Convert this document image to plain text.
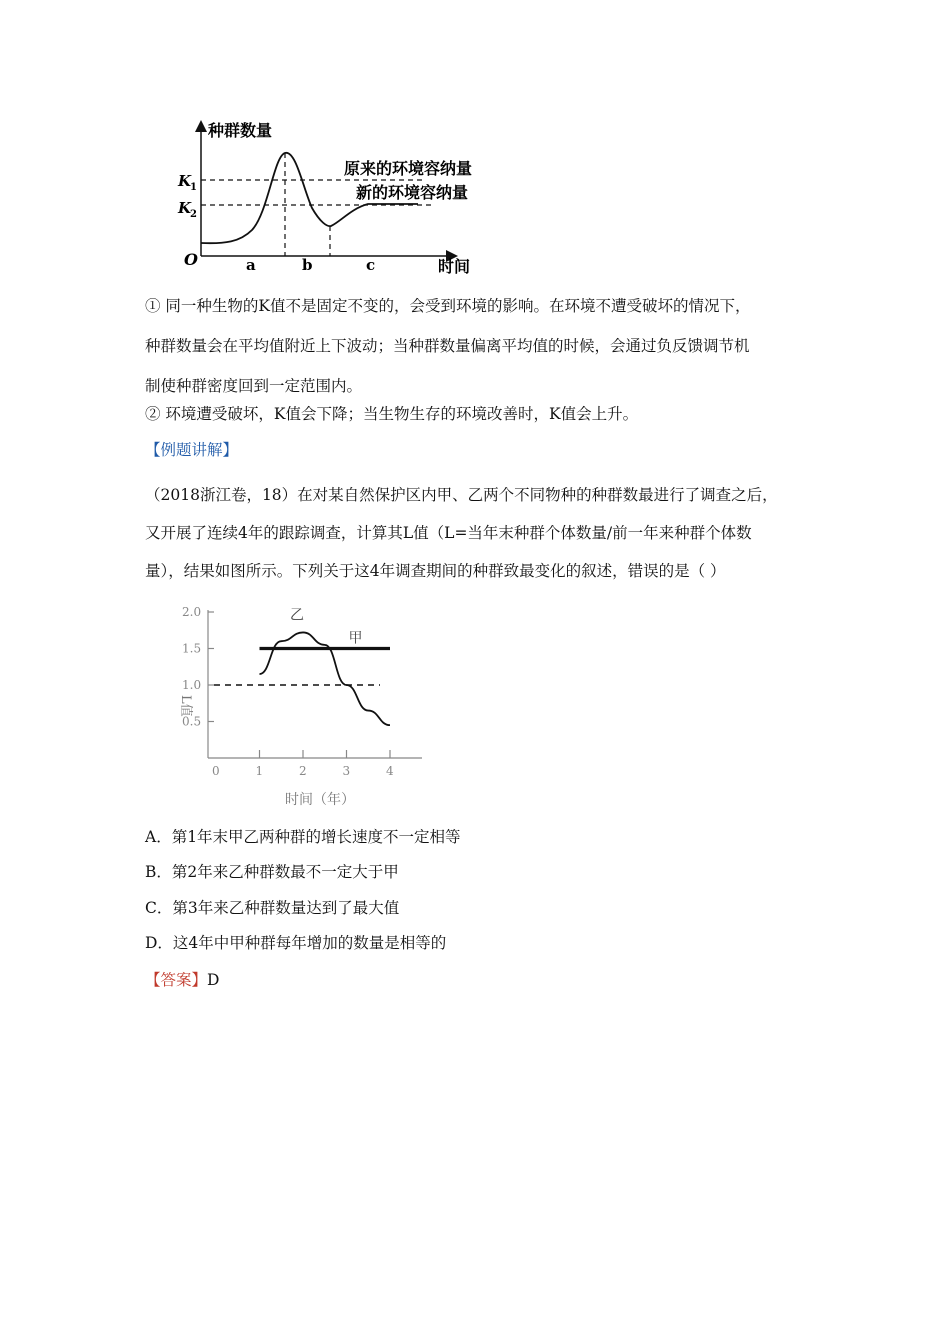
种群数量
时间
O
K
1
K
2
原来的环境容纳量
新的环境容纳量
a	b	c
① 同一种生物的K值不是固定不变的，会受到环境的影响。在环境不遭受破坏的情况下，
种群数量会在平均值附近上下波动；当种群数量偏离平均值的时候，会通过负反馈调节机
制使种群密度回到一定范围内。

② 环境遭受破坏，K值会下降；当生物生存的环境改善时，K值会上升。

【例题讲解】

（2018浙江卷，18）在对某自然保护区内甲、乙两个不同物种的种群数最进行了调查之后，
又开展了连续4年的跟踪调查，计算其L值（L=当年末种群个体数量/前一年来种群个体数
量），结果如图所示。下列关于这4年调查期间的种群致最变化的叙述，错误的是（ ）
L值
时间（年）
0	1	2	3	4
0.5
1.0
1.5
2.0
甲
乙

A．第1年末甲乙两种群的增长速度不一定相等

B．第2年来乙种群数最不一定大于甲

C．第3年来乙种群数量达到了最大值

D．这4年中甲种群每年增加的数量是相等的

【答案】D
